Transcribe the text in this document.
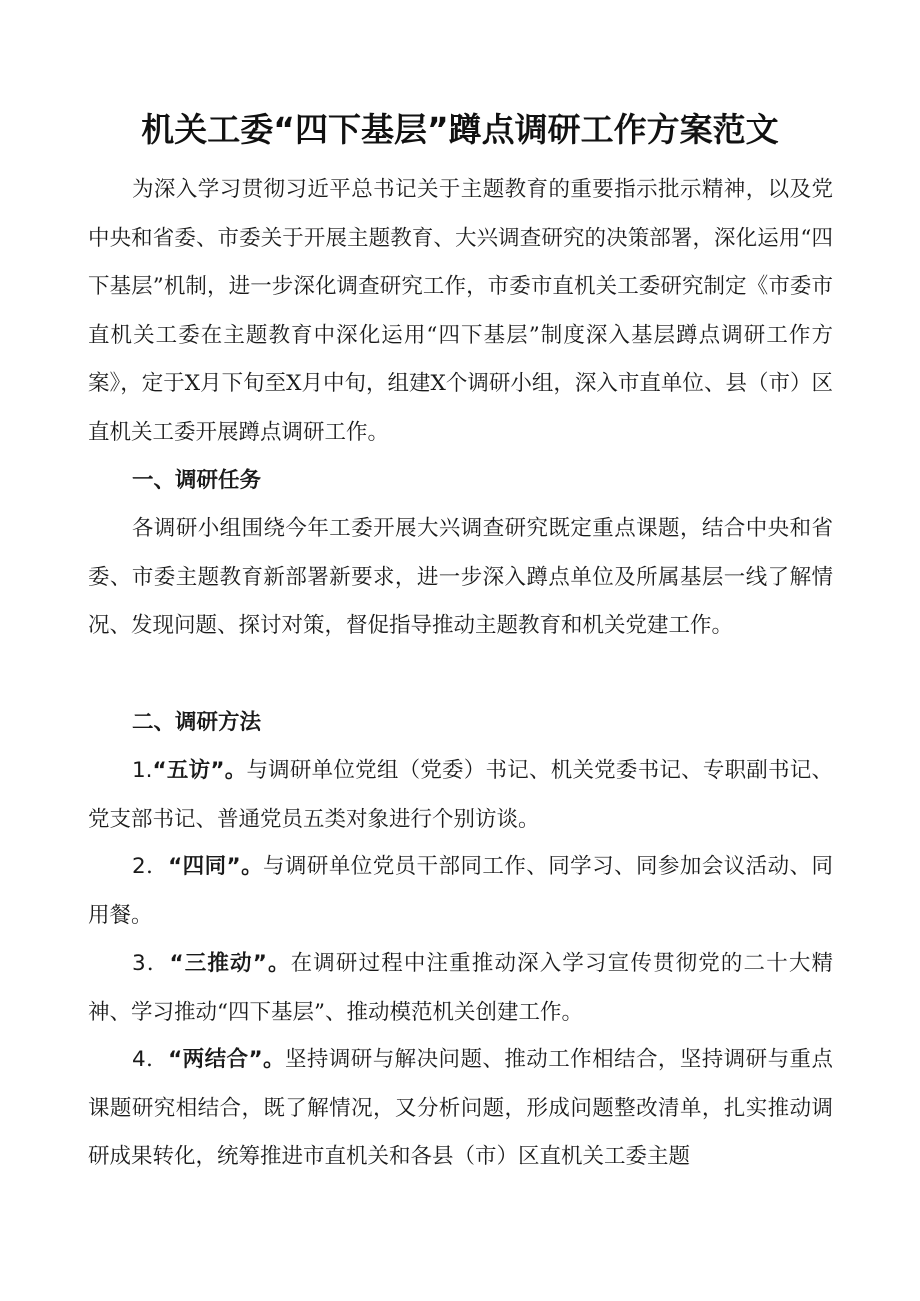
机关工委“四下基层”蹲点调研工作方案范文

为深入学习贯彻习近平总书记关于主题教育的重要指示批示精神，以及党中央和省委、市委关于开展主题教育、大兴调查研究的决策部署，深化运用“四下基层”机制，进一步深化调查研究工作，市委市直机关工委研究制定《市委市直机关工委在主题教育中深化运用“四下基层”制度深入基层蹲点调研工作方案》，定于X月下旬至X月中旬，组建X个调研小组，深入市直单位、县（市）区直机关工委开展蹲点调研工作。

一、调研任务

各调研小组围绕今年工委开展大兴调查研究既定重点课题，结合中央和省委、市委主题教育新部署新要求，进一步深入蹲点单位及所属基层一线了解情况、发现问题、探讨对策，督促指导推动主题教育和机关党建工作。

二、调研方法

1.“五访”。与调研单位党组（党委）书记、机关党委书记、专职副书记、党支部书记、普通党员五类对象进行个别访谈。

2．“四同”。与调研单位党员干部同工作、同学习、同参加会议活动、同用餐。

3．“三推动”。在调研过程中注重推动深入学习宣传贯彻党的二十大精神、学习推动“四下基层”、推动模范机关创建工作。

4．“两结合”。坚持调研与解决问题、推动工作相结合，坚持调研与重点课题研究相结合，既了解情况，又分析问题，形成问题整改清单，扎实推动调研成果转化，统筹推进市直机关和各县（市）区直机关工委主题
